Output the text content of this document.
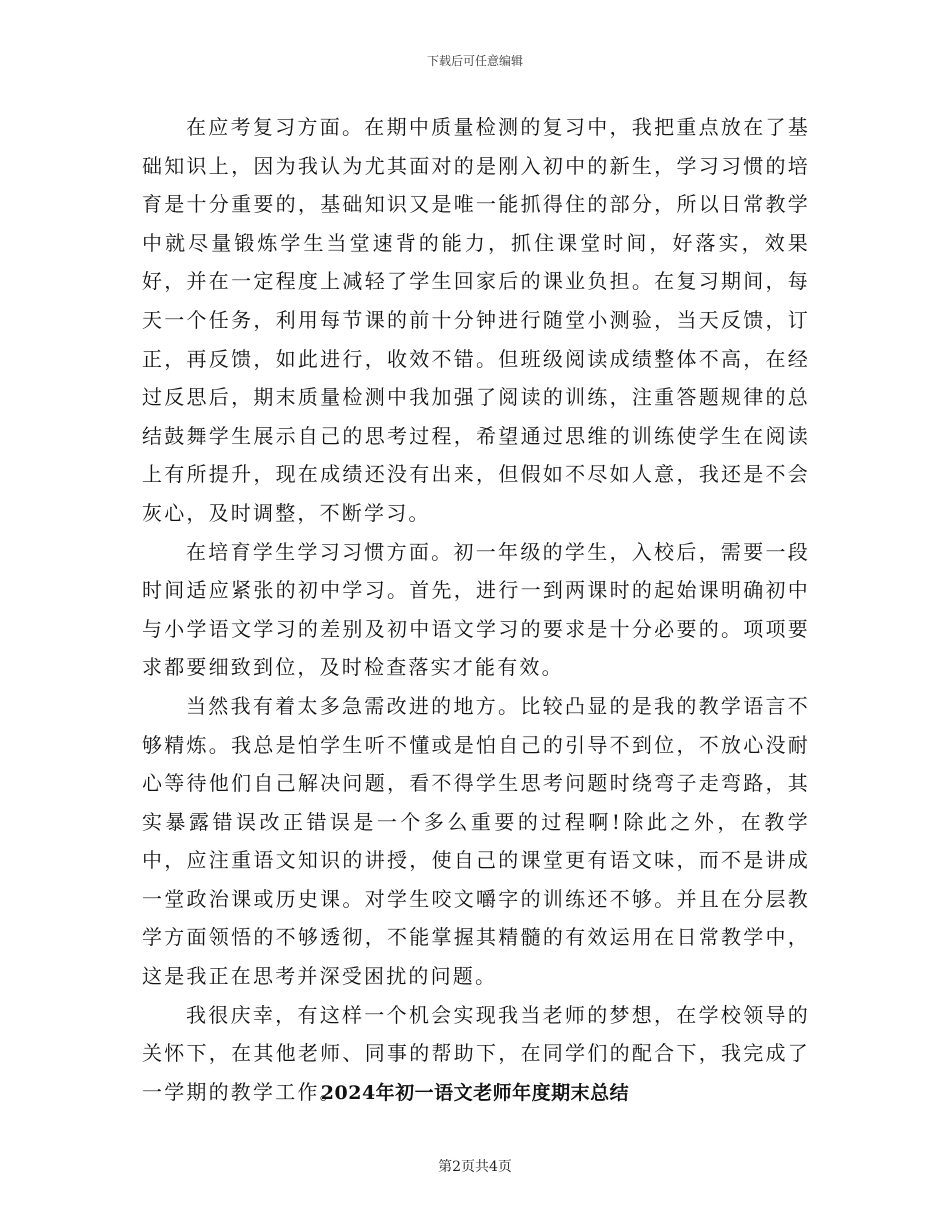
下载后可任意编辑

在应考复习方面。在期中质量检测的复习中，我把重点放在了基础知识上，因为我认为尤其面对的是刚入初中的新生，学习习惯的培育是十分重要的，基础知识又是唯一能抓得住的部分，所以日常教学中就尽量锻炼学生当堂速背的能力，抓住课堂时间，好落实，效果好，并在一定程度上减轻了学生回家后的课业负担。在复习期间，每天一个任务，利用每节课的前十分钟进行随堂小测验，当天反馈，订正，再反馈，如此进行，收效不错。但班级阅读成绩整体不高，在经过反思后，期末质量检测中我加强了阅读的训练，注重答题规律的总结鼓舞学生展示自己的思考过程，希望通过思维的训练使学生在阅读上有所提升，现在成绩还没有出来，但假如不尽如人意，我还是不会灰心，及时调整，不断学习。

在培育学生学习习惯方面。初一年级的学生，入校后，需要一段时间适应紧张的初中学习。首先，进行一到两课时的起始课明确初中与小学语文学习的差别及初中语文学习的要求是十分必要的。项项要求都要细致到位，及时检查落实才能有效。

当然我有着太多急需改进的地方。比较凸显的是我的教学语言不够精炼。我总是怕学生听不懂或是怕自己的引导不到位，不放心没耐心等待他们自己解决问题，看不得学生思考问题时绕弯子走弯路，其实暴露错误改正错误是一个多么重要的过程啊!除此之外，在教学中，应注重语文知识的讲授，使自己的课堂更有语文味，而不是讲成一堂政治课或历史课。对学生咬文嚼字的训练还不够。并且在分层教学方面领悟的不够透彻，不能掌握其精髓的有效运用在日常教学中，这是我正在思考并深受困扰的问题。

我很庆幸，有这样一个机会实现我当老师的梦想，在学校领导的关怀下，在其他老师、同事的帮助下，在同学们的配合下，我完成了一学期的教学工作。

2024年初一语文老师年度期末总结
第2页共4页
